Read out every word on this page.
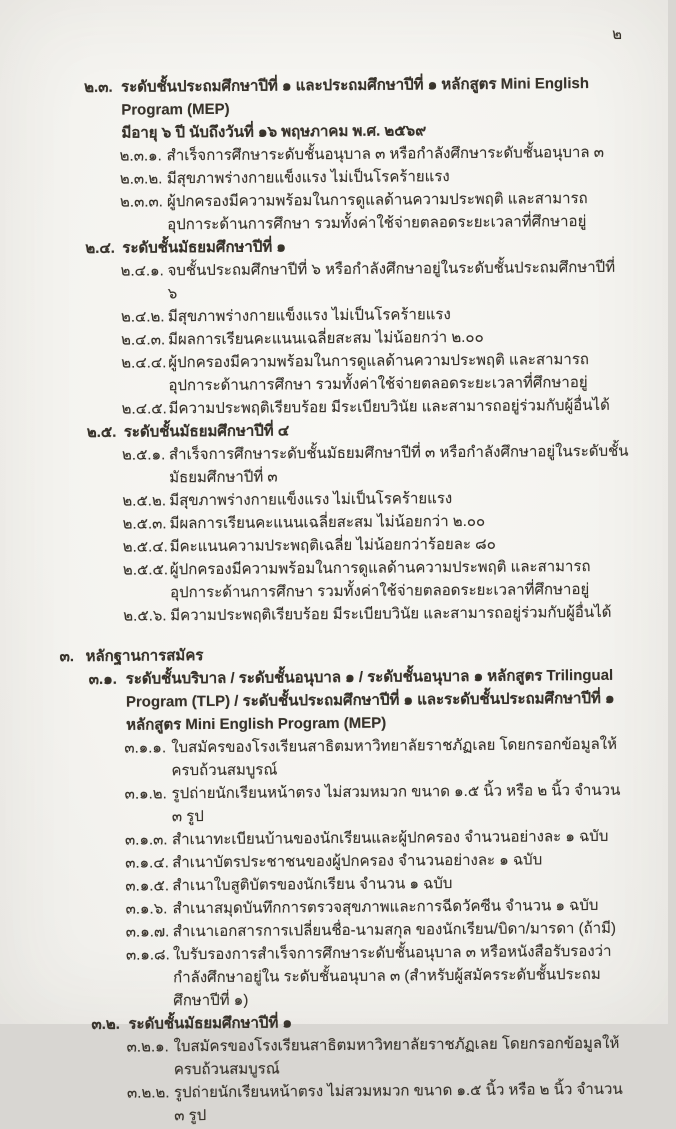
๒
๒.๓. ระดับชั้นประถมศึกษาปีที่ ๑ และประถมศึกษาปีที่ ๑ หลักสูตร Mini English Program (MEP)
มีอายุ ๖ ปี นับถึงวันที่ ๑๖ พฤษภาคม พ.ศ. ๒๕๖๙
๒.๓.๑. สำเร็จการศึกษาระดับชั้นอนุบาล ๓ หรือกำลังศึกษาระดับชั้นอนุบาล ๓
๒.๓.๒. มีสุขภาพร่างกายแข็งแรง ไม่เป็นโรคร้ายแรง
๒.๓.๓. ผู้ปกครองมีความพร้อมในการดูแลด้านความประพฤติ และสามารถอุปการะด้านการศึกษา รวมทั้งค่าใช้จ่ายตลอดระยะเวลาที่ศึกษาอยู่
๒.๔. ระดับชั้นมัธยมศึกษาปีที่ ๑
๒.๔.๑. จบชั้นประถมศึกษาปีที่ ๖ หรือกำลังศึกษาอยู่ในระดับชั้นประถมศึกษาปีที่ ๖
๒.๔.๒. มีสุขภาพร่างกายแข็งแรง ไม่เป็นโรคร้ายแรง
๒.๔.๓. มีผลการเรียนคะแนนเฉลี่ยสะสม ไม่น้อยกว่า ๒.๐๐
๒.๔.๔. ผู้ปกครองมีความพร้อมในการดูแลด้านความประพฤติ และสามารถอุปการะด้านการศึกษา รวมทั้งค่าใช้จ่ายตลอดระยะเวลาที่ศึกษาอยู่
๒.๔.๕. มีความประพฤติเรียบร้อย มีระเบียบวินัย และสามารถอยู่ร่วมกับผู้อื่นได้
๒.๕. ระดับชั้นมัธยมศึกษาปีที่ ๔
๒.๕.๑. สำเร็จการศึกษาระดับชั้นมัธยมศึกษาปีที่ ๓ หรือกำลังศึกษาอยู่ในระดับชั้นมัธยมศึกษาปีที่ ๓
๒.๕.๒. มีสุขภาพร่างกายแข็งแรง ไม่เป็นโรคร้ายแรง
๒.๕.๓. มีผลการเรียนคะแนนเฉลี่ยสะสม ไม่น้อยกว่า ๒.๐๐
๒.๕.๔. มีคะแนนความประพฤติเฉลี่ย ไม่น้อยกว่าร้อยละ ๘๐
๒.๕.๕. ผู้ปกครองมีความพร้อมในการดูแลด้านความประพฤติ และสามารถอุปการะด้านการศึกษา รวมทั้งค่าใช้จ่ายตลอดระยะเวลาที่ศึกษาอยู่
๒.๕.๖. มีความประพฤติเรียบร้อย มีระเบียบวินัย และสามารถอยู่ร่วมกับผู้อื่นได้
๓. หลักฐานการสมัคร
๓.๑. ระดับชั้นบริบาล / ระดับชั้นอนุบาล ๑ / ระดับชั้นอนุบาล ๑ หลักสูตร Trilingual Program (TLP) / ระดับชั้นประถมศึกษาปีที่ ๑ และระดับชั้นประถมศึกษาปีที่ ๑ หลักสูตร Mini English Program (MEP)
๓.๑.๑. ใบสมัครของโรงเรียนสาธิตมหาวิทยาลัยราชภัฏเลย โดยกรอกข้อมูลให้ครบถ้วนสมบูรณ์
๓.๑.๒. รูปถ่ายนักเรียนหน้าตรง ไม่สวมหมวก ขนาด ๑.๕ นิ้ว หรือ ๒ นิ้ว จำนวน ๓ รูป
๓.๑.๓. สำเนาทะเบียนบ้านของนักเรียนและผู้ปกครอง จำนวนอย่างละ ๑ ฉบับ
๓.๑.๔. สำเนาบัตรประชาชนของผู้ปกครอง จำนวนอย่างละ ๑ ฉบับ
๓.๑.๕. สำเนาใบสูติบัตรของนักเรียน จำนวน ๑ ฉบับ
๓.๑.๖. สำเนาสมุดบันทึกการตรวจสุขภาพและการฉีดวัคซีน จำนวน ๑ ฉบับ
๓.๑.๗. สำเนาเอกสารการเปลี่ยนชื่อ-นามสกุล ของนักเรียน/บิดา/มารดา (ถ้ามี)
๓.๑.๘. ใบรับรองการสำเร็จการศึกษาระดับชั้นอนุบาล ๓ หรือหนังสือรับรองว่ากำลังศึกษาอยู่ใน ระดับชั้นอนุบาล ๓ (สำหรับผู้สมัครระดับชั้นประถมศึกษาปีที่ ๑)
๓.๒. ระดับชั้นมัธยมศึกษาปีที่ ๑
๓.๒.๑. ใบสมัครของโรงเรียนสาธิตมหาวิทยาลัยราชภัฏเลย โดยกรอกข้อมูลให้ครบถ้วนสมบูรณ์
๓.๒.๒. รูปถ่ายนักเรียนหน้าตรง ไม่สวมหมวก ขนาด ๑.๕ นิ้ว หรือ ๒ นิ้ว จำนวน ๓ รูป
